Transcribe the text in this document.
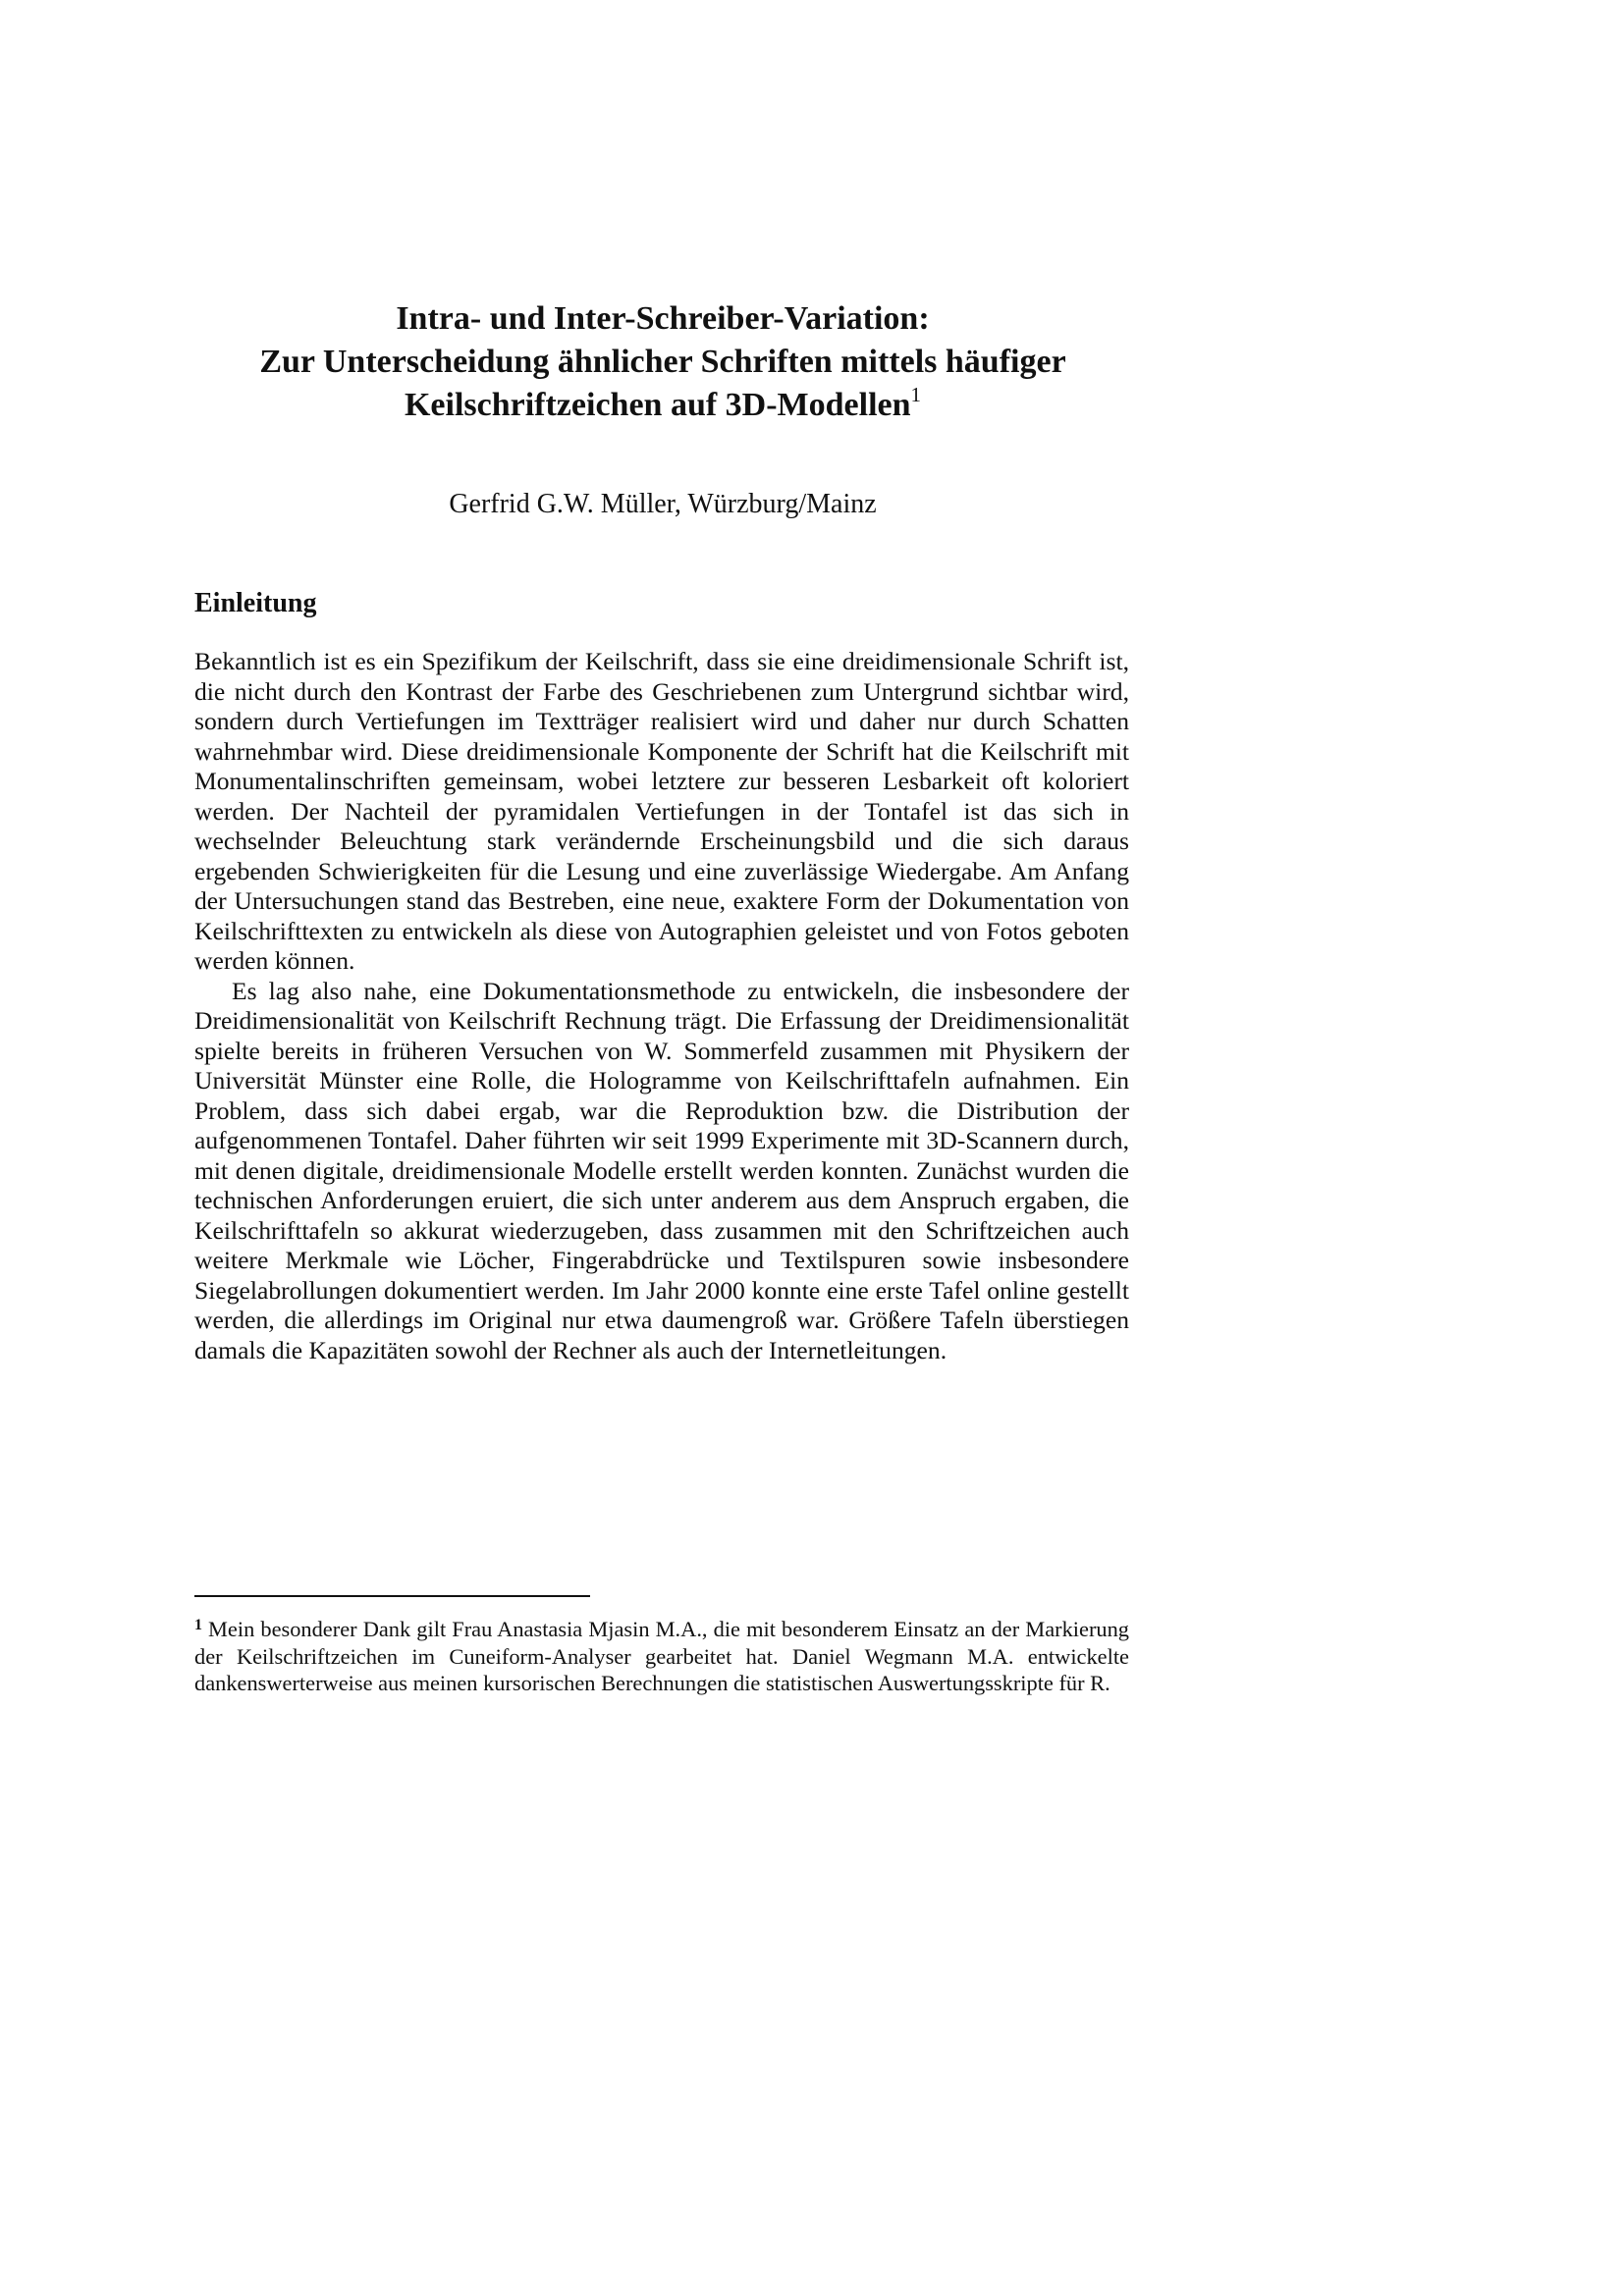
Intra- und Inter-Schreiber-Variation:
Zur Unterscheidung ähnlicher Schriften mittels häufiger
Keilschriftzeichen auf 3D-Modellen$^1$
Gerfrid G.W. Müller, Würzburg/Mainz
Einleitung

Bekanntlich ist es ein Spezifikum der Keilschrift, dass sie eine dreidimensionale Schrift ist, die nicht durch den Kontrast der Farbe des Geschriebenen zum Untergrund sichtbar wird, sondern durch Vertiefungen im Textträger realisiert wird und daher nur durch Schatten wahrnehmbar wird. Diese dreidimensionale Komponente der Schrift hat die Keilschrift mit Monumentalinschriften gemeinsam, wobei letztere zur besseren Lesbarkeit oft koloriert werden. Der Nachteil der pyramidalen Vertiefungen in der Tontafel ist das sich in wechselnder Beleuchtung stark verändernde Erscheinungsbild und die sich daraus ergebenden Schwierigkeiten für die Lesung und eine zuverlässige Wiedergabe. Am Anfang der Untersuchungen stand das Bestreben, eine neue, exaktere Form der Dokumentation von Keilschrifttexten zu entwickeln als diese von Autographien geleistet und von Fotos geboten werden können.

Es lag also nahe, eine Dokumentationsmethode zu entwickeln, die insbesondere der Dreidimensionalität von Keilschrift Rechnung trägt. Die Erfassung der Dreidimensionalität spielte bereits in früheren Versuchen von W. Sommerfeld zusammen mit Physikern der Universität Münster eine Rolle, die Hologramme von Keilschrifttafeln aufnahmen. Ein Problem, dass sich dabei ergab, war die Reproduktion bzw. die Distribution der aufgenommenen Tontafel. Daher führten wir seit 1999 Experimente mit 3D-Scannern durch, mit denen digitale, dreidimensionale Modelle erstellt werden konnten. Zunächst wurden die technischen Anforderungen eruiert, die sich unter anderem aus dem Anspruch ergaben, die Keilschrifttafeln so akkurat wiederzugeben, dass zusammen mit den Schriftzeichen auch weitere Merkmale wie Löcher, Fingerabdrücke und Textilspuren sowie insbesondere Siegelabrollungen dokumentiert werden. Im Jahr 2000 konnte eine erste Tafel online gestellt werden, die allerdings im Original nur etwa daumengroß war. Größere Tafeln überstiegen damals die Kapazitäten sowohl der Rechner als auch der Internetleitungen.

$^1$ Mein besonderer Dank gilt Frau Anastasia Mjasin M.A., die mit besonderem Einsatz an der Markierung der Keilschriftzeichen im Cuneiform-Analyser gearbeitet hat. Daniel Wegmann M.A. entwickelte dankenswerterweise aus meinen kursorischen Berechnungen die statistischen Auswertungsskripte für R.
